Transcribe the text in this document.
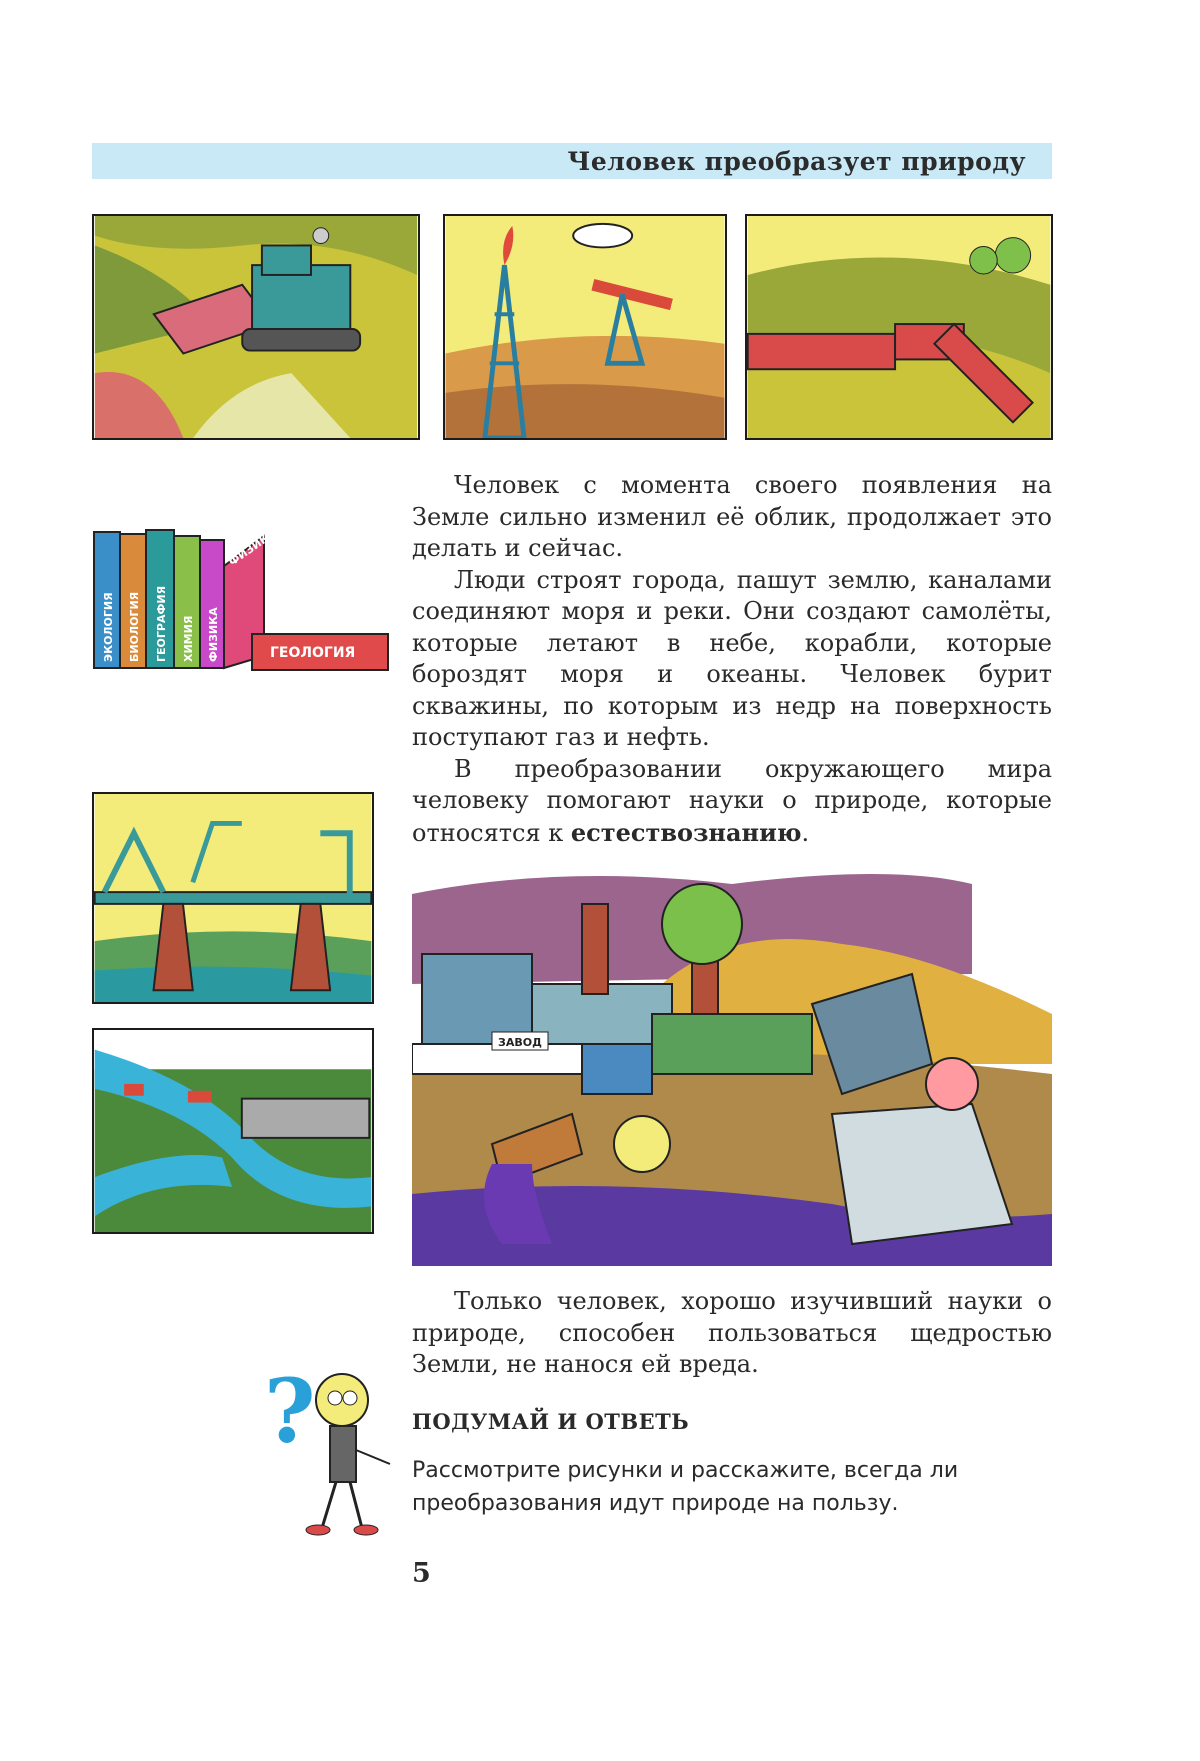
Человек преобразует природу
ЭКОЛОГИЯ БИОЛОГИЯ ГЕОГРАФИЯ ХИМИЯ ФИЗИКА
ФИЗИКА
ГЕОЛОГИЯ

Человек с момента своего появления на Земле сильно изменил её облик, продолжает это делать и сейчас.

Люди строят города, пашут землю, каналами соединяют моря и реки. Они создают самолёты, которые летают в небе, корабли, которые бороздят моря и океаны. Человек бурит скважины, по которым из недр на поверхность поступают газ и нефть.

В преобразовании окружающего мира человеку помогают науки о природе, которые относятся к естествознанию.

ЗАВОД

Только человек, хорошо изучивший науки о природе, способен пользоваться щедростью Земли, не нанося ей вреда.

?	ПОДУМАЙ И ОТВЕТЬ
Рассмотрите рисунки и расскажите, всегда ли преобразования идут природе на пользу.
5
